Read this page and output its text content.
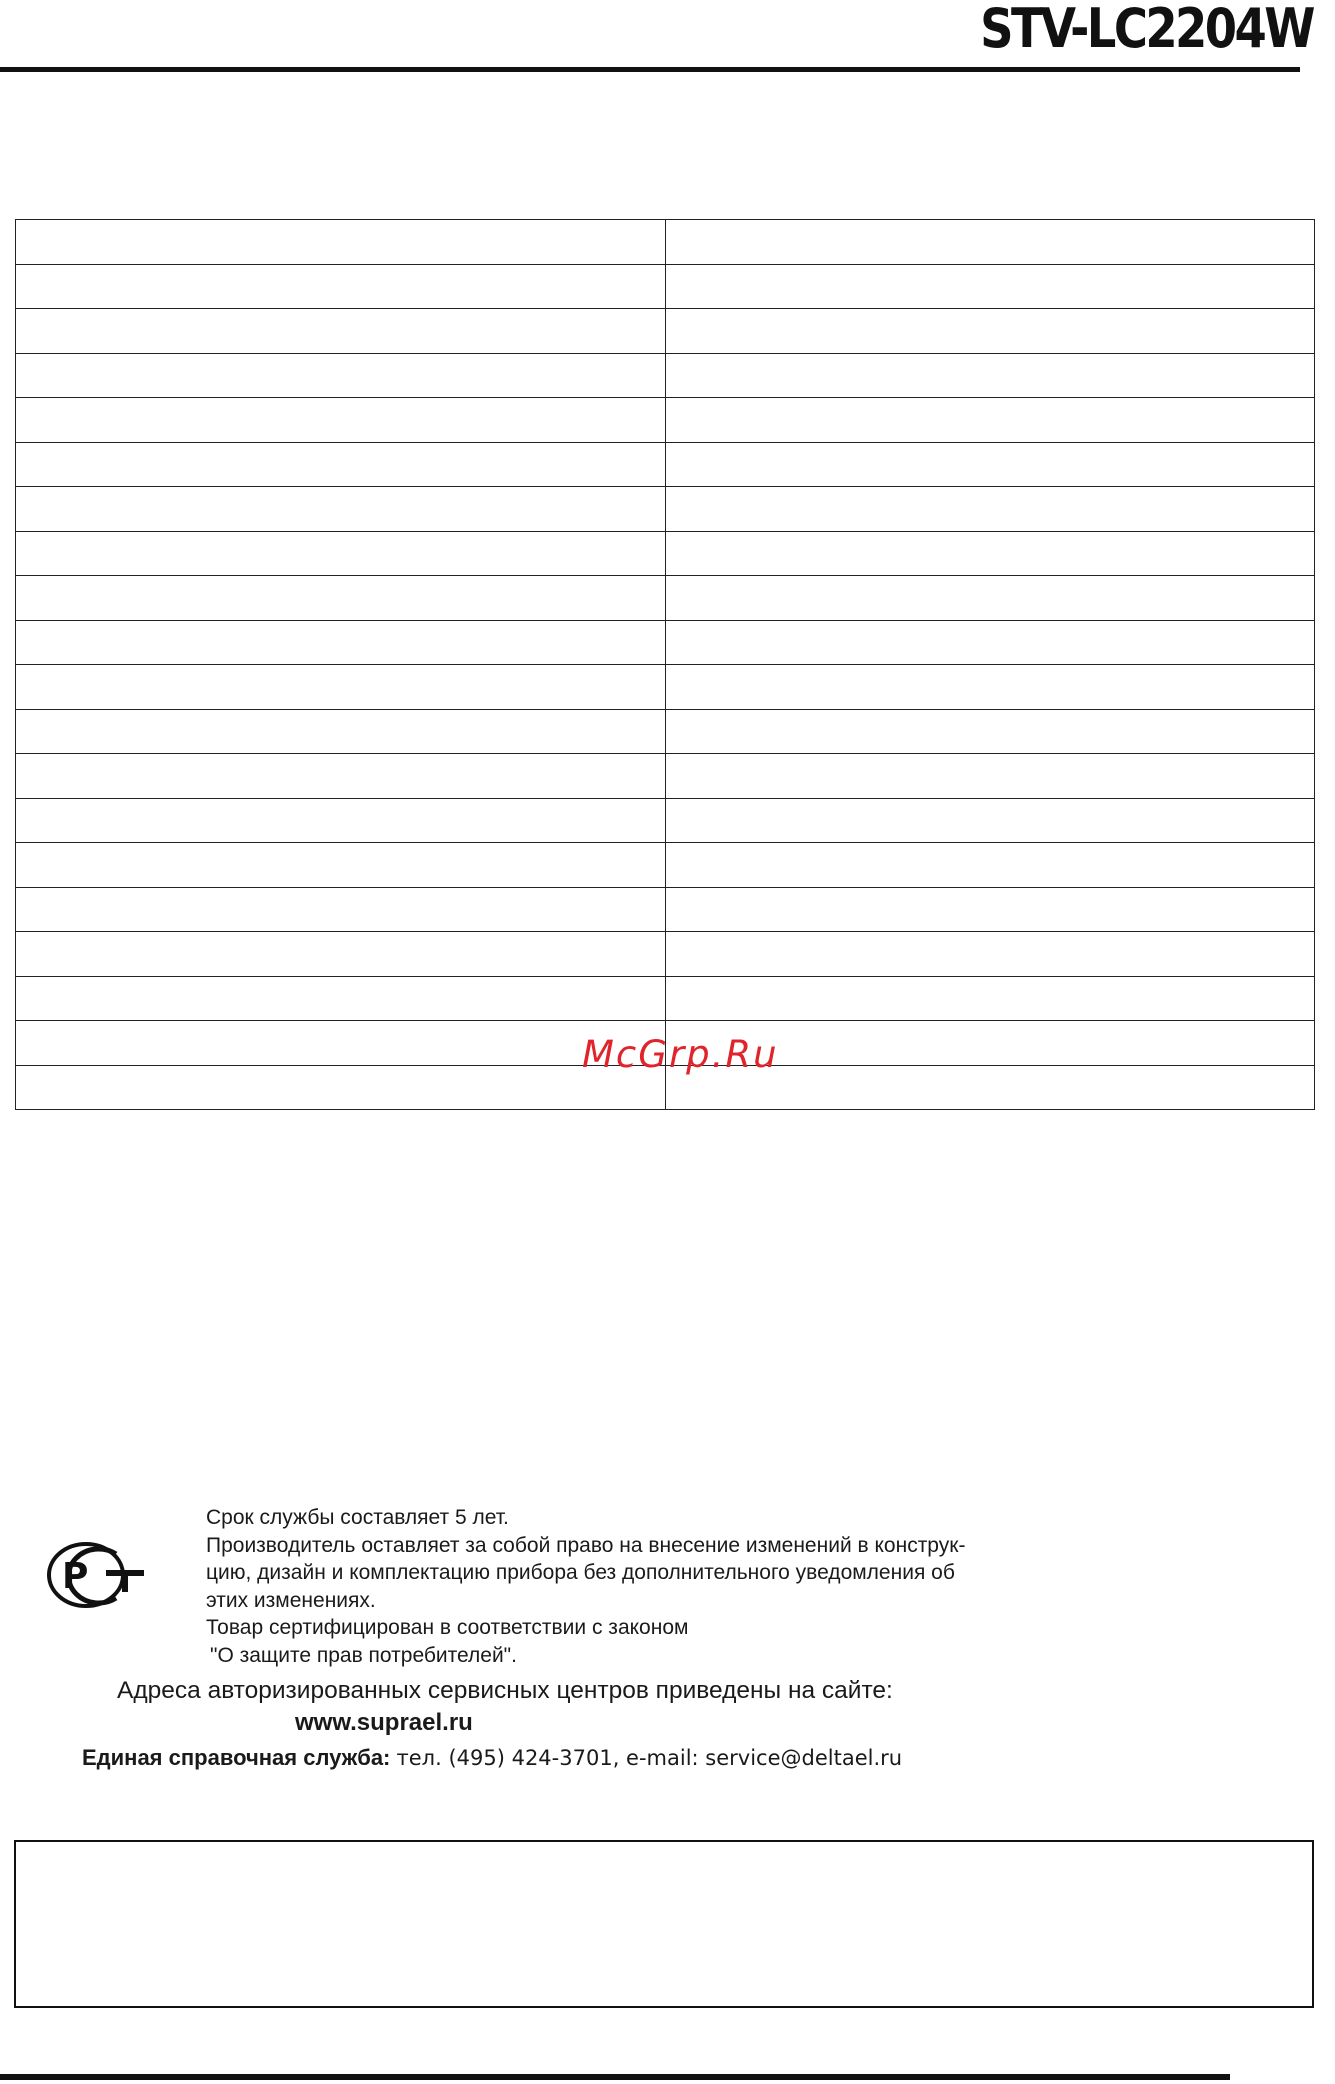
STV-LC2204W

McGrp.Ru
Р

Срок службы составляет 5 лет.

Производитель оставляет за собой право на внесение изменений в конструк-

цию, дизайн и комплектацию прибора без дополнительного уведомления об

этих изменениях.

Товар сертифицирован в соответствии с законом

"О защите прав потребителей".

Адреса авторизированных сервисных центров приведены на сайте:
www.suprael.ru
Единая справочная служба: тел. (495) 424-3701, e-mail: service@deltael.ru
